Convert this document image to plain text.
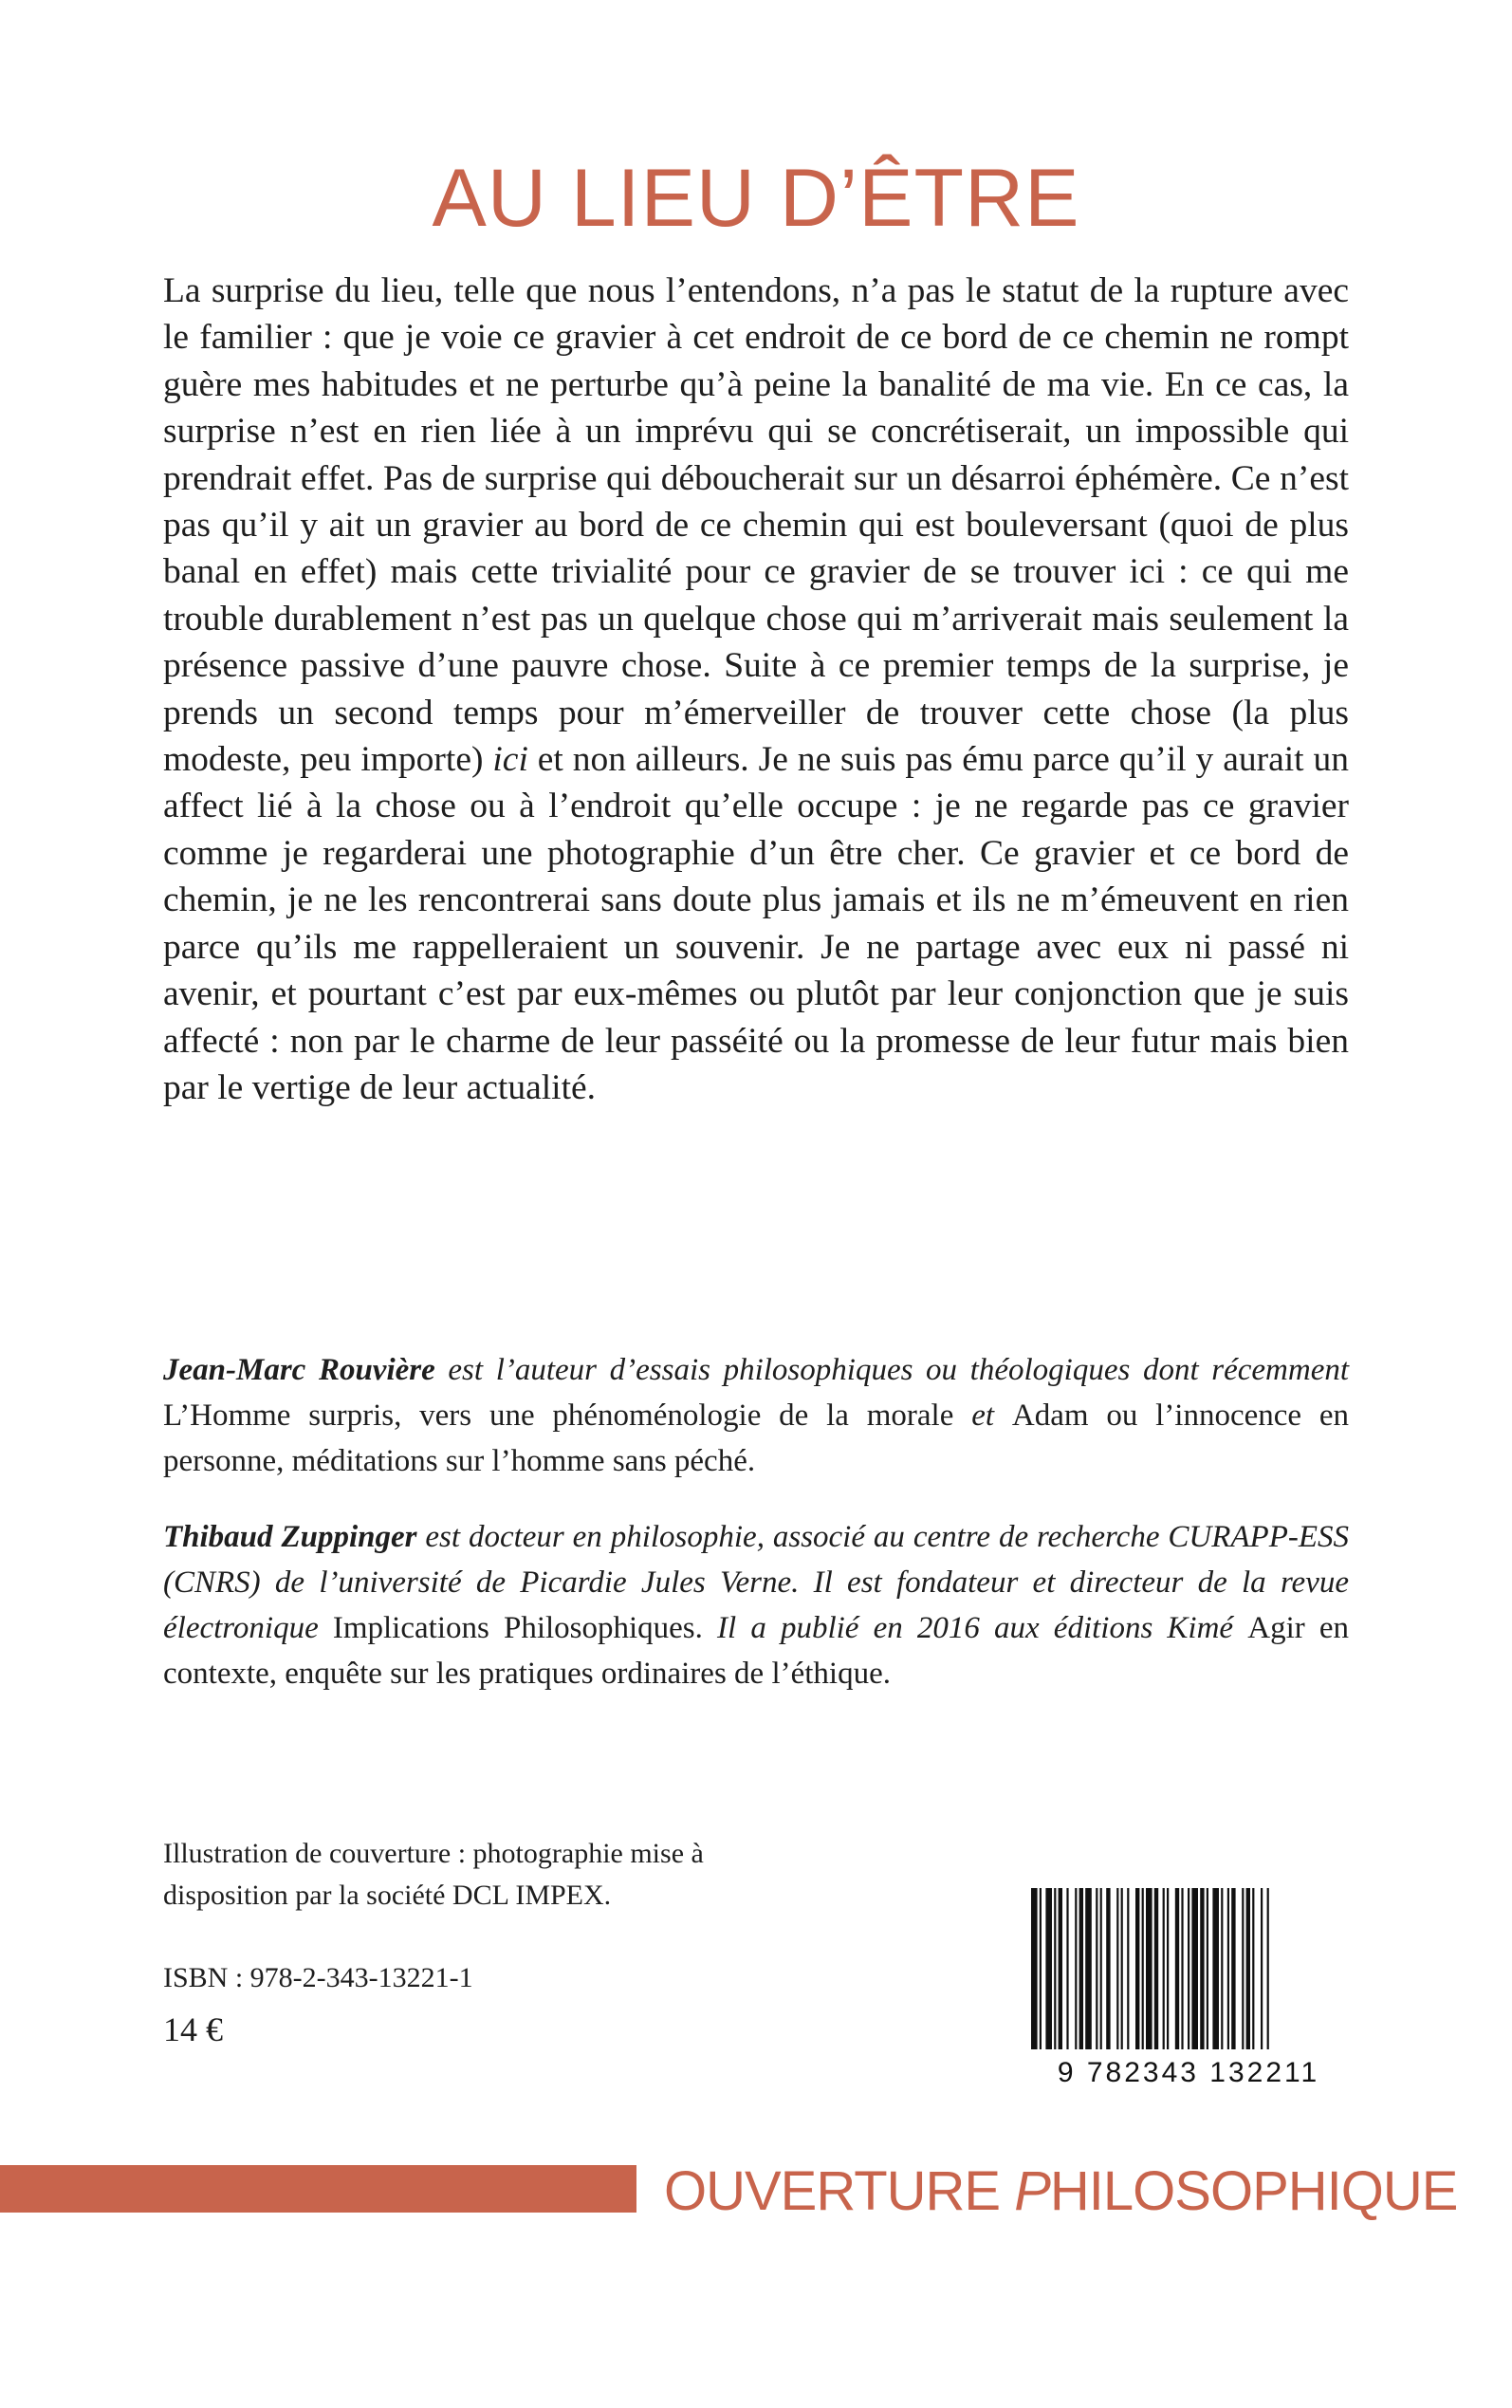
AU LIEU D’ÊTRE

La surprise du lieu, telle que nous l’entendons, n’a pas le statut de la rupture avec le familier : que je voie ce gravier à cet endroit de ce bord de ce chemin ne rompt guère mes habitudes et ne perturbe qu’à peine la banalité de ma vie. En ce cas, la surprise n’est en rien liée à un imprévu qui se concrétiserait, un impossible qui prendrait effet. Pas de surprise qui déboucherait sur un désarroi éphémère. Ce n’est pas qu’il y ait un gravier au bord de ce chemin qui est bouleversant (quoi de plus banal en effet) mais cette trivialité pour ce gravier de se trouver ici : ce qui me trouble durablement n’est pas un quelque chose qui m’arriverait mais seulement la présence passive d’une pauvre chose. Suite à ce premier temps de la surprise, je prends un second temps pour m’émerveiller de trouver cette chose (la plus modeste, peu importe) ici et non ailleurs. Je ne suis pas ému parce qu’il y aurait un affect lié à la chose ou à l’endroit qu’elle occupe : je ne regarde pas ce gravier comme je regarderai une photographie d’un être cher. Ce gravier et ce bord de chemin, je ne les rencontrerai sans doute plus jamais et ils ne m’émeuvent en rien parce qu’ils me rappelleraient un souvenir. Je ne partage avec eux ni passé ni avenir, et pourtant c’est par eux-mêmes ou plutôt par leur conjonction que je suis affecté : non par le charme de leur passéité ou la promesse de leur futur mais bien par le vertige de leur actualité.

Jean-Marc Rouvière est l’auteur d’essais philosophiques ou théologiques dont récemment L’Homme surpris, vers une phénoménologie de la morale et Adam ou l’innocence en personne, méditations sur l’homme sans péché.

Thibaud Zuppinger est docteur en philosophie, associé au centre de recherche CURAPP-ESS (CNRS) de l’université de Picardie Jules Verne. Il est fondateur et directeur de la revue électronique Implications Philosophiques. Il a publié en 2016 aux éditions Kimé Agir en contexte, enquête sur les pratiques ordinaires de l’éthique.

Illustration de couverture : photographie mise à disposition par la société DCL IMPEX.

ISBN : 978-2-343-13221-1

14 €

9 782343 132211

OUVERTURE PHILOSOPHIQUE
